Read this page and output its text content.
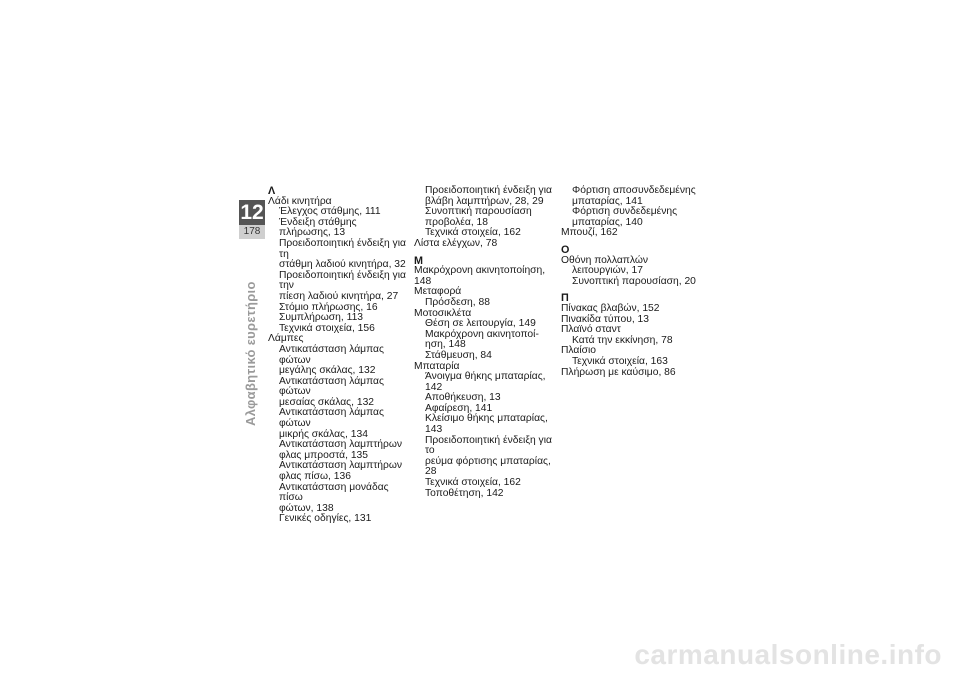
12
178
Αλφαβητικό ευρετήριο
Λ
Λάδι κινητήρα
Έλεγχος στάθμης, 111
Ένδειξη στάθμης πλήρωσης, 13
Προειδοποιητική ένδειξη για τη
στάθμη λαδιού κινητήρα, 32
Προειδοποιητική ένδειξη για την
πίεση λαδιού κινητήρα, 27
Στόμιο πλήρωσης, 16
Συμπλήρωση, 113
Τεχνικά στοιχεία, 156
Λάμπες
Αντικατάσταση λάμπας φώτων
μεγάλης σκάλας, 132
Αντικατάσταση λάμπας φώτων
μεσαίας σκάλας, 132
Αντικατάσταση λάμπας φώτων
μικρής σκάλας, 134
Αντικατάσταση λαμπτήρων
φλας μπροστά, 135
Αντικατάσταση λαμπτήρων
φλας πίσω, 136
Αντικατάσταση μονάδας πίσω
φώτων, 138
Γενικές οδηγίες, 131
Προειδοποιητική ένδειξη για
βλάβη λαμπτήρων, 28, 29
Συνοπτική παρουσίαση
προβολέα, 18
Τεχνικά στοιχεία, 162
Λίστα ελέγχων, 78
Μ
Μακρόχρονη ακινητοποίηση, 148
Μεταφορά
Πρόσδεση, 88
Μοτοσικλέτα
Θέση σε λειτουργία, 149
Μακρόχρονη ακινητοποί-
ηση, 148
Στάθμευση, 84
Μπαταρία
Άνοιγμα θήκης μπαταρίας, 142
Αποθήκευση, 13
Αφαίρεση, 141
Κλείσιμο θήκης μπαταρίας, 143
Προειδοποιητική ένδειξη για το
ρεύμα φόρτισης μπαταρίας, 28
Τεχνικά στοιχεία, 162
Τοποθέτηση, 142
Φόρτιση αποσυνδεδεμένης
μπαταρίας, 141
Φόρτιση συνδεδεμένης
μπαταρίας, 140
Μπουζί, 162
Ο
Οθόνη πολλαπλών
λειτουργιών, 17
Συνοπτική παρουσίαση, 20
Π
Πίνακας βλαβών, 152
Πινακίδα τύπου, 13
Πλαϊνό σταντ
Κατά την εκκίνηση, 78
Πλαίσιο
Τεχνικά στοιχεία, 163
Πλήρωση με καύσιμο, 86
carmanualsonline.info
